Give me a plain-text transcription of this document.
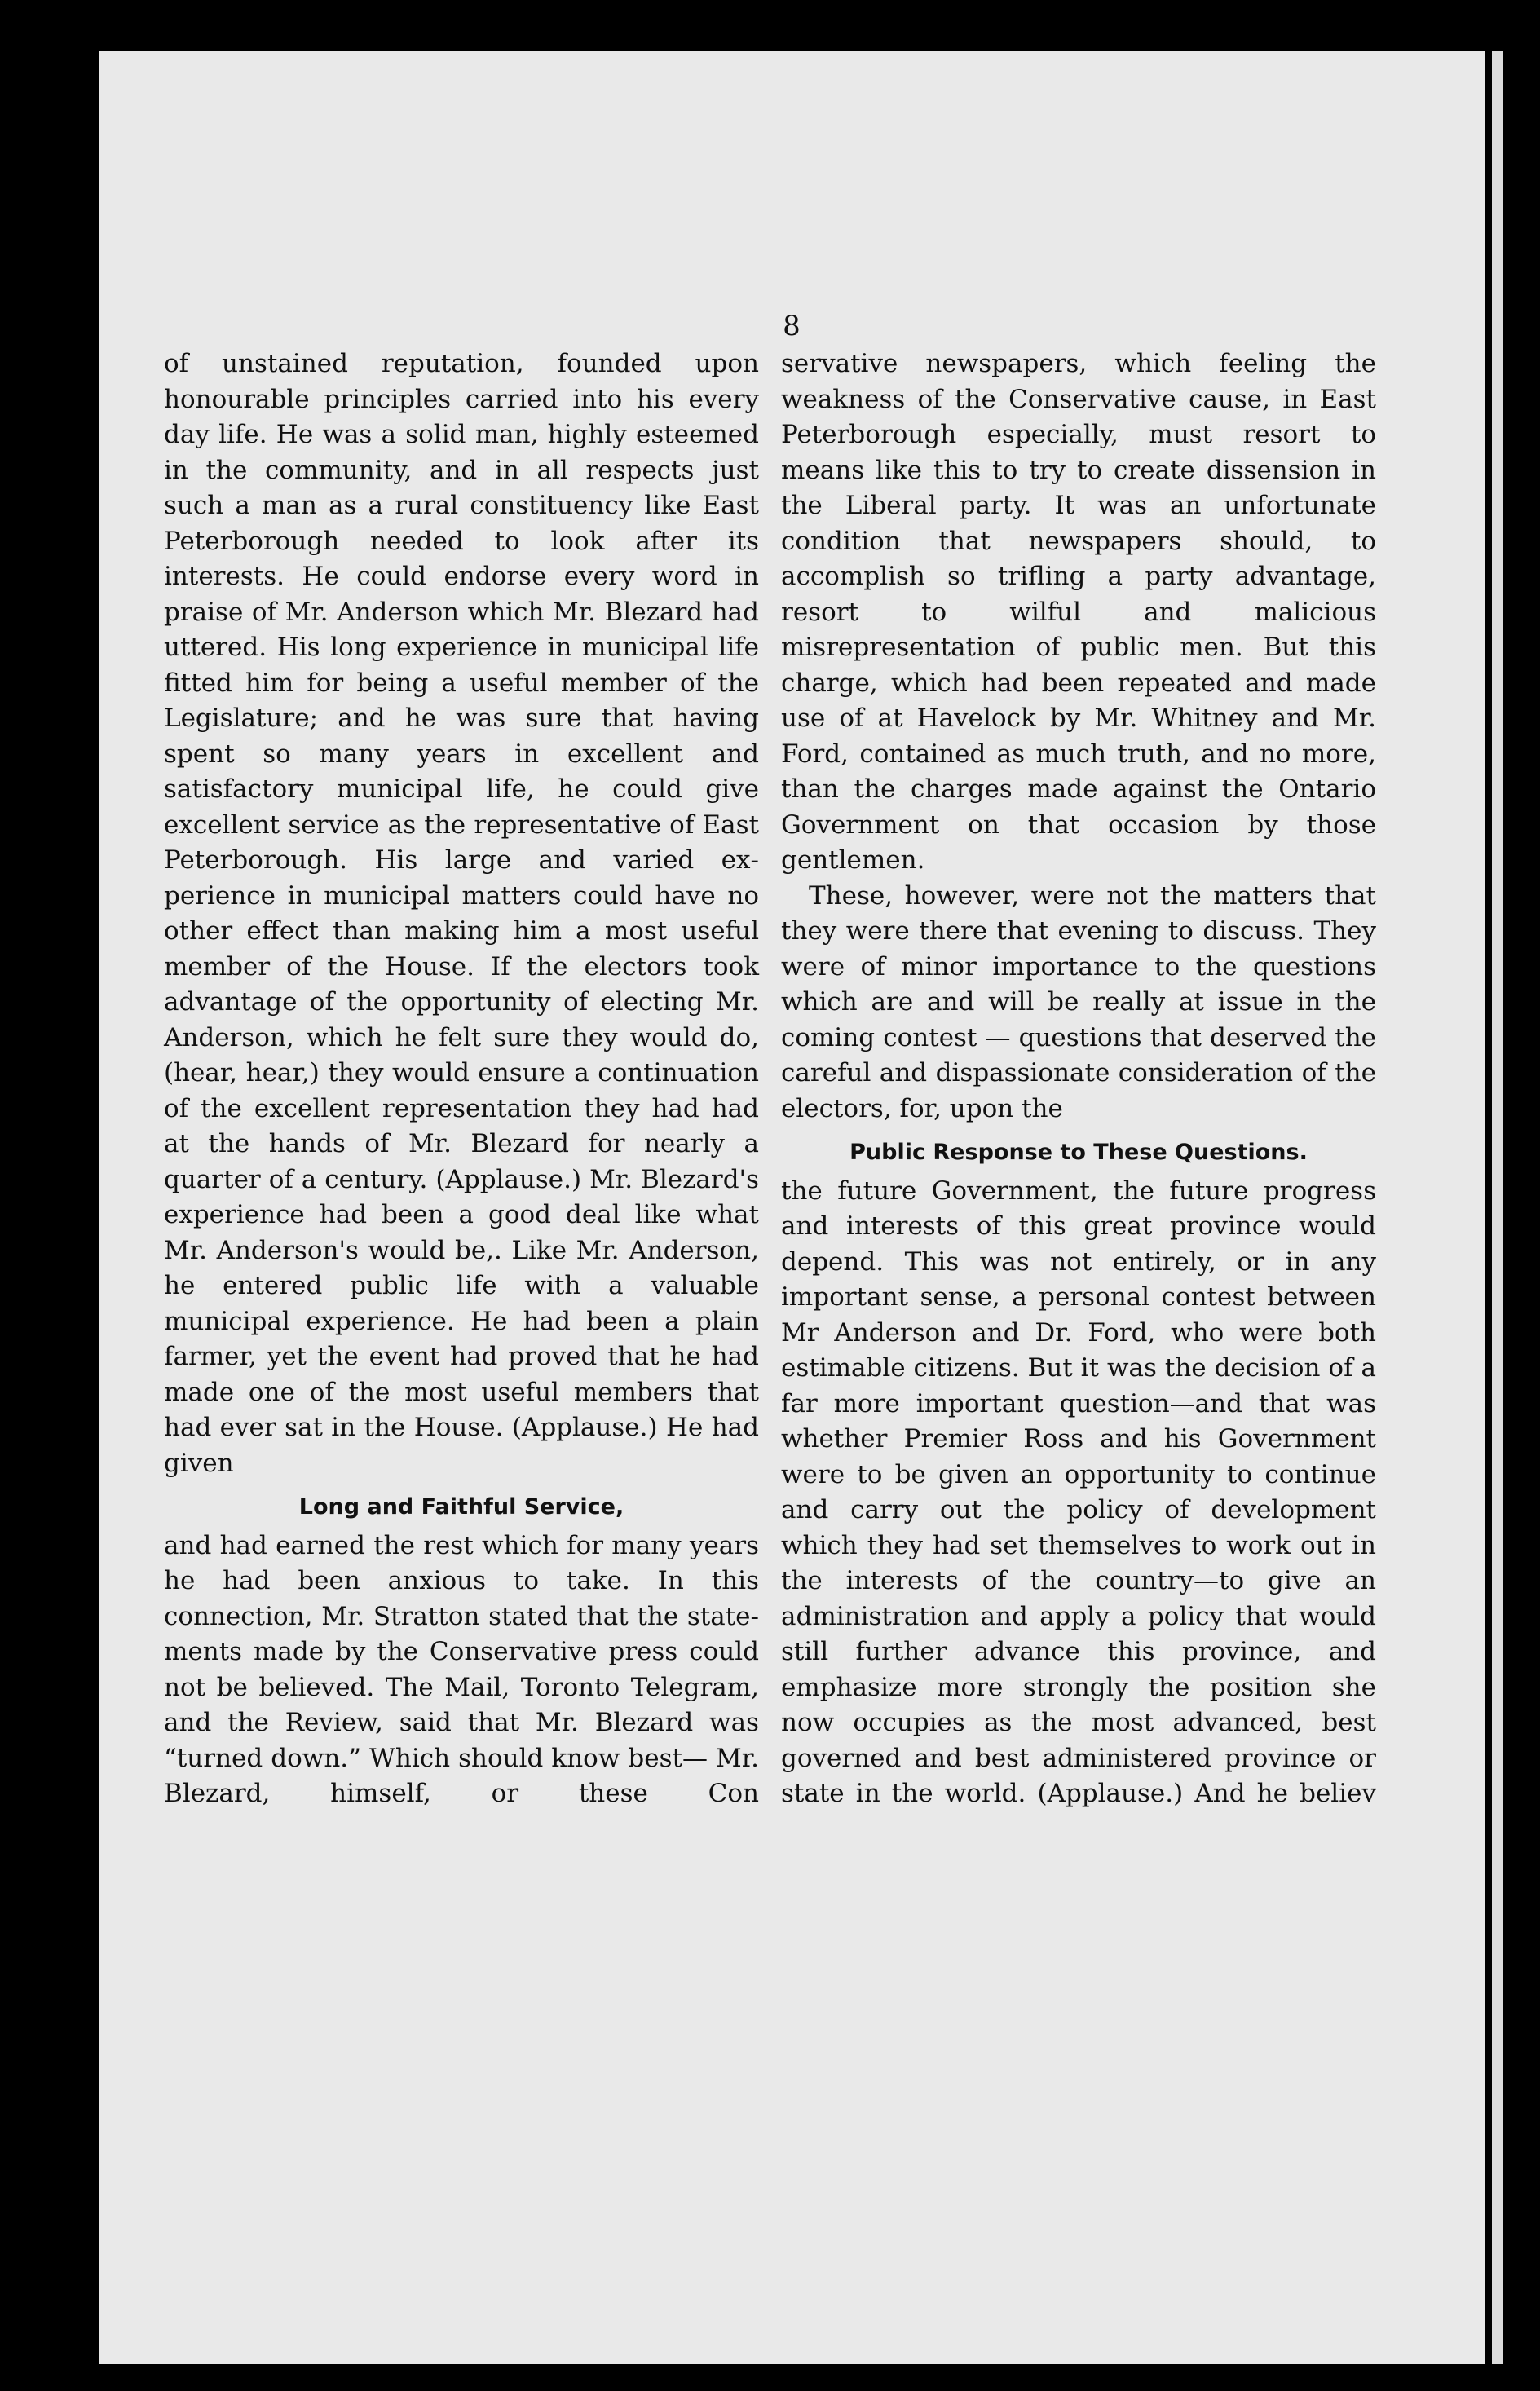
8

of unstained reputation, founded upon honourable principles carried into his every day life. He was a solid man, highly esteemed in the community, and in all respects just such a man as a rural constituency like East Peterborough needed to look after its interests. He could endorse every word in praise of Mr. Anderson which Mr. Blezard had uttered. His long experience in municipal life fitted him for being a useful member of the Legislature; and he was sure that having spent so many years in excellent and satisfactory municipal life, he could give excellent service as the representative of East Peterborough. His large and varied experience in municipal matters could have no other effect than making him a most useful member of the House. If the electors took advantage of the opportunity of electing Mr. Anderson, which he felt sure they would do, (hear, hear,) they would ensure a continuation of the excellent representation they had had at the hands of Mr. Blezard for nearly a quarter of a century. (Applause.) Mr. Blezard's experience had been a good deal like what Mr. Anderson's would be,. Like Mr. Anderson, he entered public life with a valuable municipal experience. He had been a plain farmer, yet the event had proved that he had made one of the most useful members that had ever sat in the House. (Applause.) He had given

Long and Faithful Service,

and had earned the rest which for many years he had been anxious to take. In this connection, Mr. Stratton stated that the statements made by the Conservative press could not be believed. The Mail, Toronto Telegram, and the Review, said that Mr. Blezard was “turned down.” Which should know best— Mr. Blezard, himself, or these Con

servative newspapers, which feeling the weakness of the Conservative cause, in East Peterborough especially, must resort to means like this to try to create dissension in the Liberal party. It was an unfortunate condition that newspapers should, to accomplish so trifling a party advantage, resort to wilful and malicious misrepresentation of public men. But this charge, which had been repeated and made use of at Havelock by Mr. Whitney and Mr. Ford, contained as much truth, and no more, than the charges made against the Ontario Government on that occasion by those gentlemen.

These, however, were not the matters that they were there that evening to discuss. They were of minor importance to the questions which are and will be really at issue in the coming contest — questions that deserved the careful and dispassionate consideration of the electors, for, upon the

Public Response to These Questions.

the future Government, the future progress and interests of this great province would depend. This was not entirely, or in any important sense, a personal contest between Mr Anderson and Dr. Ford, who were both estimable citizens. But it was the decision of a far more important question—and that was whether Premier Ross and his Government were to be given an opportunity to continue and carry out the policy of development which they had set themselves to work out in the interests of the country—to give an administration and apply a policy that would still further advance this province, and emphasize more strongly the position she now occupies as the most advanced, best governed and best administered province or state in the world. (Applause.) And he believ
